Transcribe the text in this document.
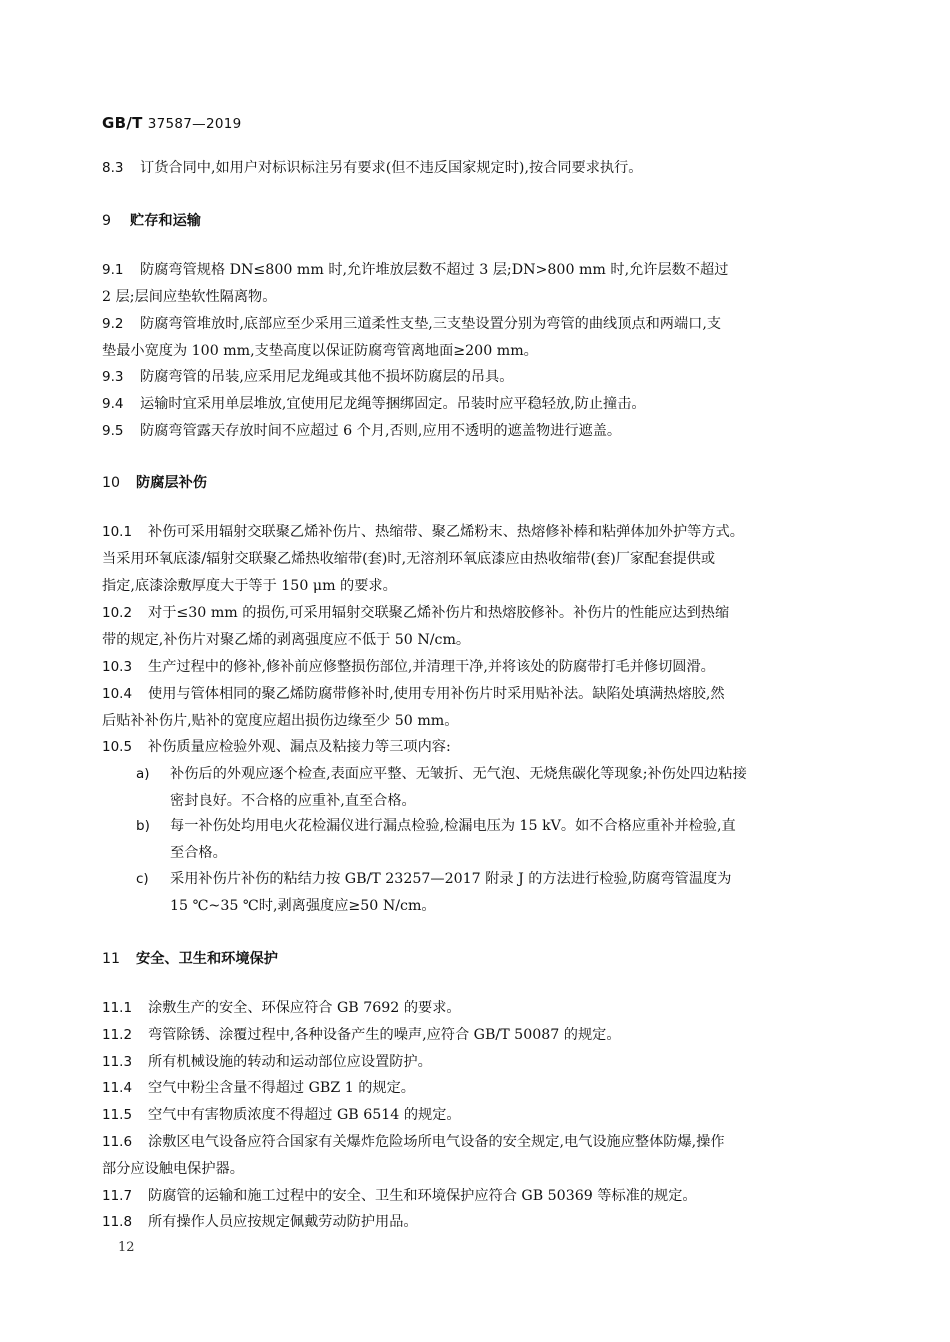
GB/T 37587—2019
8.3 订货合同中,如用户对标识标注另有要求(但不违反国家规定时),按合同要求执行。
9 贮存和运输
9.1 防腐弯管规格 DN≤800 mm 时,允许堆放层数不超过 3 层;DN>800 mm 时,允许层数不超过
2 层;层间应垫软性隔离物。
9.2 防腐弯管堆放时,底部应至少采用三道柔性支垫,三支垫设置分别为弯管的曲线顶点和两端口,支
垫最小宽度为 100 mm,支垫高度以保证防腐弯管离地面≥200 mm。
9.3 防腐弯管的吊装,应采用尼龙绳或其他不损坏防腐层的吊具。
9.4 运输时宜采用单层堆放,宜使用尼龙绳等捆绑固定。吊装时应平稳轻放,防止撞击。
9.5 防腐弯管露天存放时间不应超过 6 个月,否则,应用不透明的遮盖物进行遮盖。
10 防腐层补伤
10.1 补伤可采用辐射交联聚乙烯补伤片、热缩带、聚乙烯粉末、热熔修补棒和粘弹体加外护等方式。
当采用环氧底漆/辐射交联聚乙烯热收缩带(套)时,无溶剂环氧底漆应由热收缩带(套)厂家配套提供或
指定,底漆涂敷厚度大于等于 150 μm 的要求。
10.2 对于≤30 mm 的损伤,可采用辐射交联聚乙烯补伤片和热熔胶修补。补伤片的性能应达到热缩
带的规定,补伤片对聚乙烯的剥离强度应不低于 50 N/cm。
10.3 生产过程中的修补,修补前应修整损伤部位,并清理干净,并将该处的防腐带打毛并修切圆滑。
10.4 使用与管体相同的聚乙烯防腐带修补时,使用专用补伤片时采用贴补法。缺陷处填满热熔胶,然
后贴补补伤片,贴补的宽度应超出损伤边缘至少 50 mm。
10.5 补伤质量应检验外观、漏点及粘接力等三项内容:
a) 补伤后的外观应逐个检查,表面应平整、无皱折、无气泡、无烧焦碳化等现象;补伤处四边粘接
密封良好。不合格的应重补,直至合格。
b) 每一补伤处均用电火花检漏仪进行漏点检验,检漏电压为 15 kV。如不合格应重补并检验,直
至合格。
c) 采用补伤片补伤的粘结力按 GB/T 23257—2017 附录 J 的方法进行检验,防腐弯管温度为
15 ℃~35 ℃时,剥离强度应≥50 N/cm。
11 安全、卫生和环境保护
11.1 涂敷生产的安全、环保应符合 GB 7692 的要求。
11.2 弯管除锈、涂覆过程中,各种设备产生的噪声,应符合 GB/T 50087 的规定。
11.3 所有机械设施的转动和运动部位应设置防护。
11.4 空气中粉尘含量不得超过 GBZ 1 的规定。
11.5 空气中有害物质浓度不得超过 GB 6514 的规定。
11.6 涂敷区电气设备应符合国家有关爆炸危险场所电气设备的安全规定,电气设施应整体防爆,操作
部分应设触电保护器。
11.7 防腐管的运输和施工过程中的安全、卫生和环境保护应符合 GB 50369 等标准的规定。
11.8 所有操作人员应按规定佩戴劳动防护用品。
12
